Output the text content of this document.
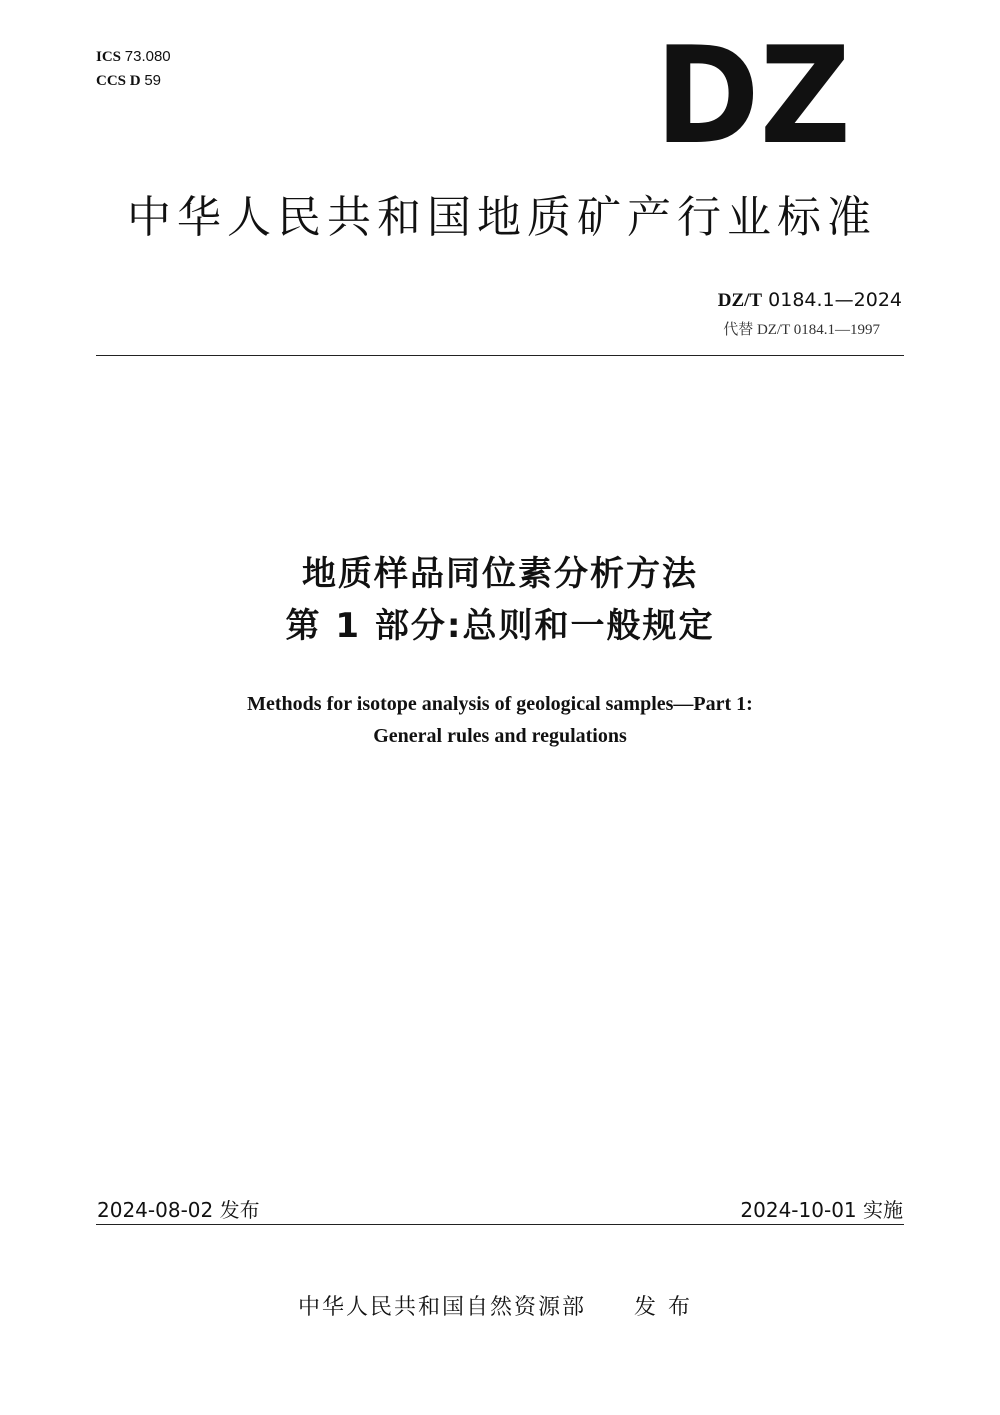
ICS 73.080
CCS D 59	DZ
中华人民共和国地质矿产行业标准
DZ/T 0184.1—2024
代替 DZ/T 0184.1—1997
地质样品同位素分析方法
第 1 部分:总则和一般规定
Methods for isotope analysis of geological samples—Part 1:
General rules and regulations
2024-08-02 发布	2024-10-01 实施
中华人民共和国自然资源部 发布
